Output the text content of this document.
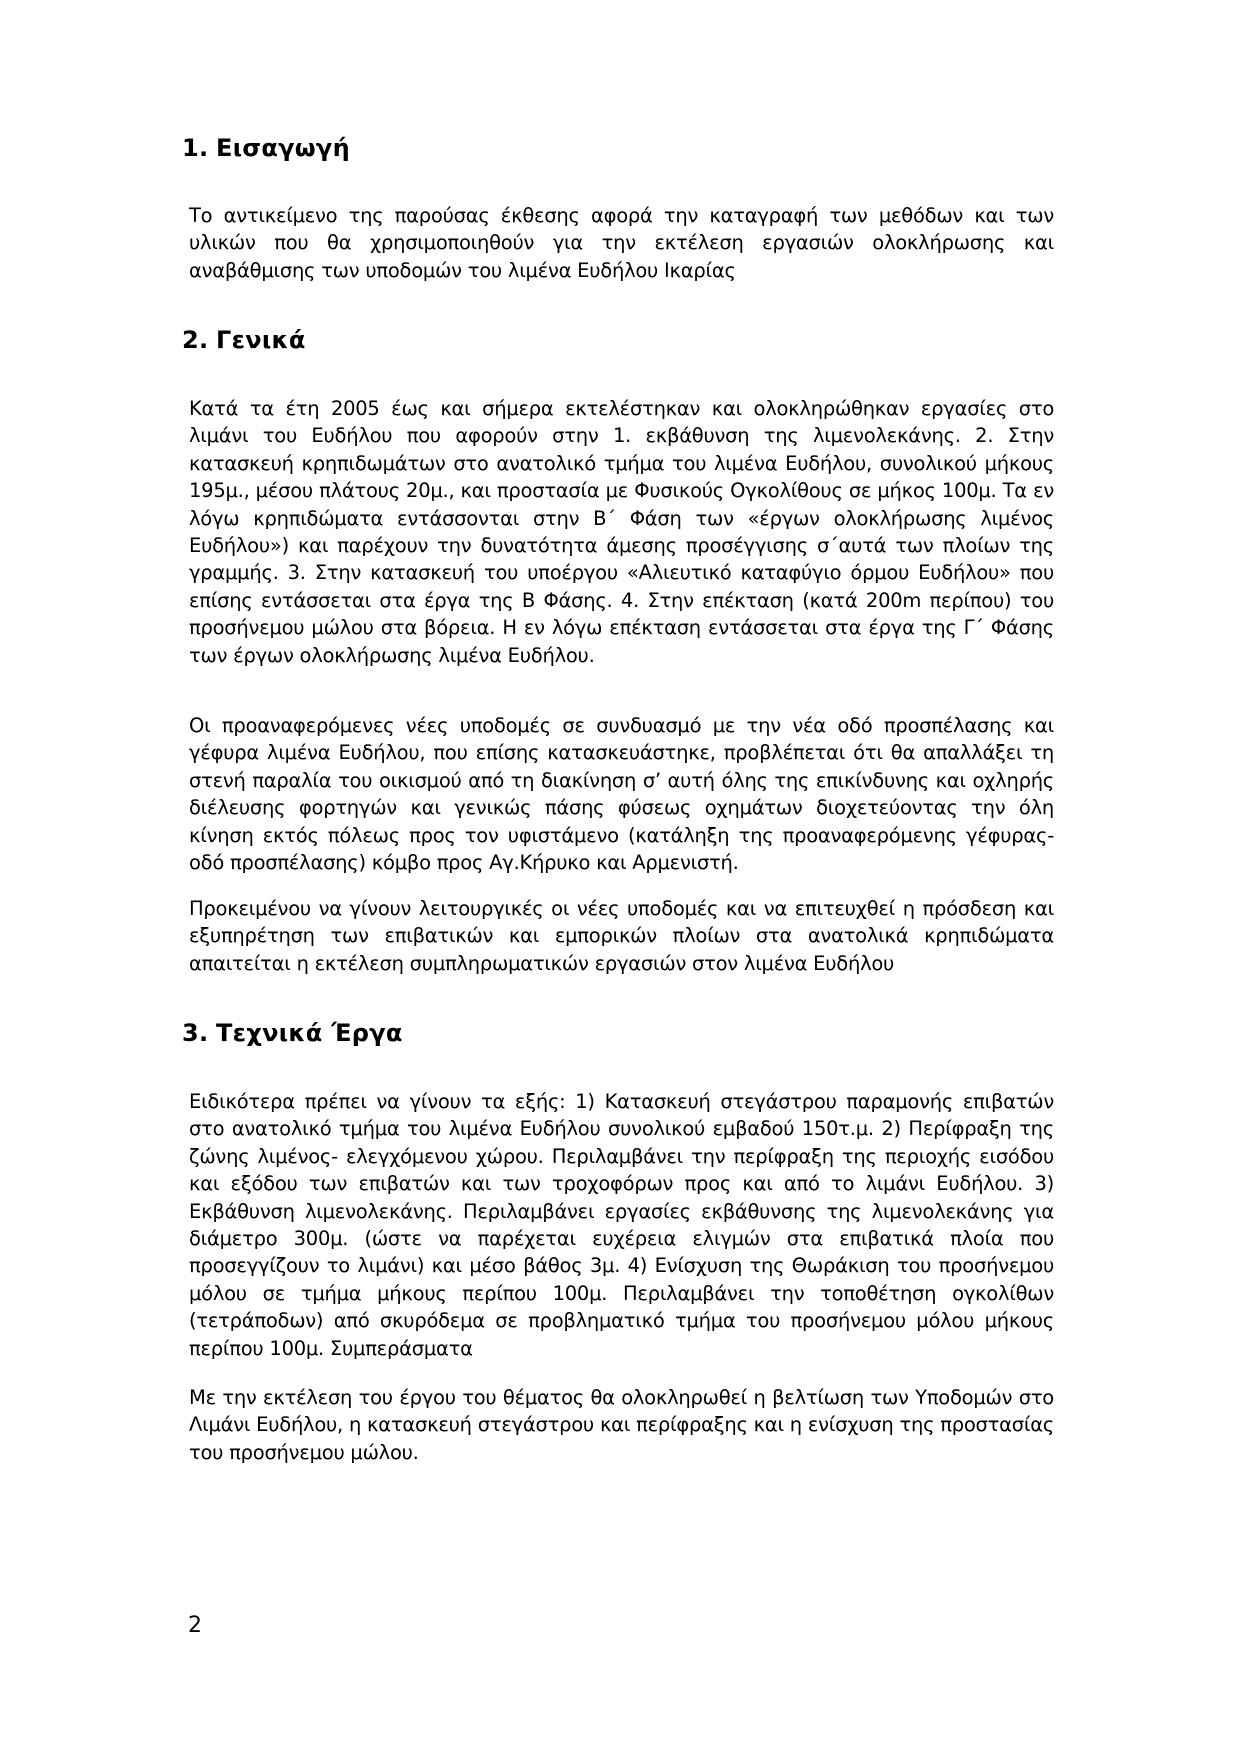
1. Εισαγωγή

Το αντικείμενο της παρούσας έκθεσης αφορά την καταγραφή των μεθόδων και των υλικών που θα χρησιμοποιηθούν για την εκτέλεση εργασιών ολοκλήρωσης και αναβάθμισης των υποδομών του λιμένα Ευδήλου Ικαρίας

2. Γενικά

Κατά τα έτη 2005 έως και σήμερα εκτελέστηκαν και ολοκληρώθηκαν εργασίες στο λιμάνι του Ευδήλου που αφορούν στην 1. εκβάθυνση της λιμενολεκάνης. 2. Στην κατασκευή κρηπιδωμάτων στο ανατολικό τμήμα του λιμένα Ευδήλου, συνολικού μήκους 195μ., μέσου πλάτους 20μ., και προστασία με Φυσικούς Ογκολίθους σε μήκος 100μ. Τα εν λόγω κρηπιδώματα εντάσσονται στην Β΄ Φάση των «έργων ολοκλήρωσης λιμένος Ευδήλου») και παρέχουν την δυνατότητα άμεσης προσέγγισης σ΄αυτά των πλοίων της γραμμής. 3. Στην κατασκευή του υποέργου «Αλιευτικό καταφύγιο όρμου Ευδήλου» που επίσης εντάσσεται στα έργα της Β Φάσης. 4. Στην επέκταση (κατά 200m περίπου) του προσήνεμου μώλου στα βόρεια. Η εν λόγω επέκταση εντάσσεται στα έργα της Γ΄ Φάσης των έργων ολοκλήρωσης λιμένα Ευδήλου.

Οι προαναφερόμενες νέες υποδομές σε συνδυασμό με την νέα οδό προσπέλασης και γέφυρα λιμένα Ευδήλου, που επίσης κατασκευάστηκε, προβλέπεται ότι θα απαλλάξει τη στενή παραλία του οικισμού από τη διακίνηση σ’ αυτή όλης της επικίνδυνης και οχληρής διέλευσης φορτηγών και γενικώς πάσης φύσεως οχημάτων διοχετεύοντας την όλη κίνηση εκτός πόλεως προς τον υφιστάμενο (κατάληξη της προαναφερόμενης γέφυρας- οδό προσπέλασης) κόμβο προς Αγ.Κήρυκο και Αρμενιστή.

Προκειμένου να γίνουν λειτουργικές οι νέες υποδομές και να επιτευχθεί η πρόσδεση και εξυπηρέτηση των επιβατικών και εμπορικών πλοίων στα ανατολικά κρηπιδώματα απαιτείται η εκτέλεση συμπληρωματικών εργασιών στον λιμένα Ευδήλου

3. Τεχνικά Έργα

Ειδικότερα πρέπει να γίνουν τα εξής: 1) Κατασκευή στεγάστρου παραμονής επιβατών στο ανατολικό τμήμα του λιμένα Ευδήλου συνολικού εμβαδού 150τ.μ. 2) Περίφραξη της ζώνης λιμένος- ελεγχόμενου χώρου. Περιλαμβάνει την περίφραξη της περιοχής εισόδου και εξόδου των επιβατών και των τροχοφόρων προς και από το λιμάνι Ευδήλου. 3) Εκβάθυνση λιμενολεκάνης. Περιλαμβάνει εργασίες εκβάθυνσης της λιμενολεκάνης για διάμετρο 300μ. (ώστε να παρέχεται ευχέρεια ελιγμών στα επιβατικά πλοία που προσεγγίζουν το λιμάνι) και μέσο βάθος 3μ. 4) Ενίσχυση της Θωράκιση του προσήνεμου μόλου σε τμήμα μήκους περίπου 100μ. Περιλαμβάνει την τοποθέτηση ογκολίθων (τετράποδων) από σκυρόδεμα σε προβληματικό τμήμα του προσήνεμου μόλου μήκους περίπου 100μ. Συμπεράσματα

Με την εκτέλεση του έργου του θέματος θα ολοκληρωθεί η βελτίωση των Υποδομών στο Λιμάνι Ευδήλου, η κατασκευή στεγάστρου και περίφραξης και η ενίσχυση της προστασίας του προσήνεμου μώλου.

2
